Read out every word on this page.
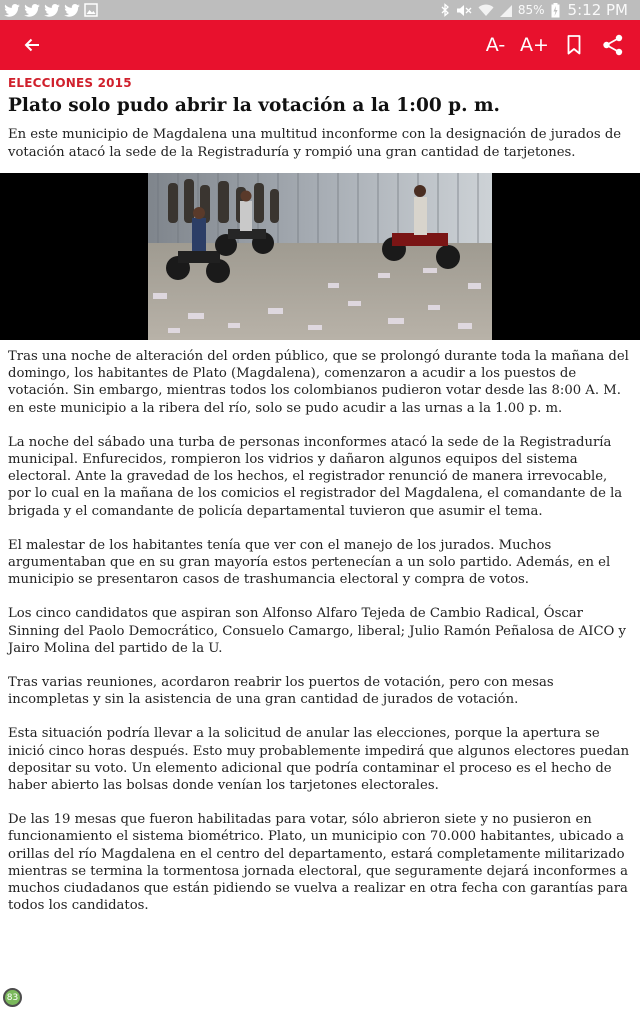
85% 5:12 PM
A- A+
ELECCIONES 2015
Plato solo pudo abrir la votación a la 1:00 p. m.

En este municipio de Magdalena una multitud inconforme con la designación de jurados de votación atacó la sede de la Registraduría y rompió una gran cantidad de tarjetones.

Tras una noche de alteración del orden público, que se prolongó durante toda la mañana del domingo, los habitantes de Plato (Magdalena), comenzaron a acudir a los puestos de votación. Sin embargo, mientras todos los colombianos pudieron votar desde las 8:00 A. M. en este municipio a la ribera del río, solo se pudo acudir a las urnas a la 1.00 p. m.

La noche del sábado una turba de personas inconformes atacó la sede de la Registraduría municipal. Enfurecidos, rompieron los vidrios y dañaron algunos equipos del sistema electoral. Ante la gravedad de los hechos, el registrador renunció de manera irrevocable, por lo cual en la mañana de los comicios el registrador del Magdalena, el comandante de la brigada y el comandante de policía departamental tuvieron que asumir el tema.

El malestar de los habitantes tenía que ver con el manejo de los jurados. Muchos argumentaban que en su gran mayoría estos pertenecían a un solo partido. Además, en el municipio se presentaron casos de trashumancia electoral y compra de votos.

Los cinco candidatos que aspiran son Alfonso Alfaro Tejeda de Cambio Radical, Óscar Sinning del Paolo Democrático, Consuelo Camargo, liberal; Julio Ramón Peñalosa de AICO y Jairo Molina del partido de la U.

Tras varias reuniones, acordaron reabrir los puertos de votación, pero con mesas incompletas y sin la asistencia de una gran cantidad de jurados de votación.

Esta situación podría llevar a la solicitud de anular las elecciones, porque la apertura se inició cinco horas después. Esto muy probablemente impedirá que algunos electores puedan depositar su voto. Un elemento adicional que podría contaminar el proceso es el hecho de haber abierto las bolsas donde venían los tarjetones electorales.

De las 19 mesas que fueron habilitadas para votar, sólo abrieron siete y no pusieron en funcionamiento el sistema biométrico. Plato, un municipio con 70.000 habitantes, ubicado a orillas del río Magdalena en el centro del departamento, estará completamente militarizado mientras se termina la tormentosa jornada electoral, que seguramente dejará inconformes a muchos ciudadanos que están pidiendo se vuelva a realizar en otra fecha con garantías para todos los candidatos.

83
